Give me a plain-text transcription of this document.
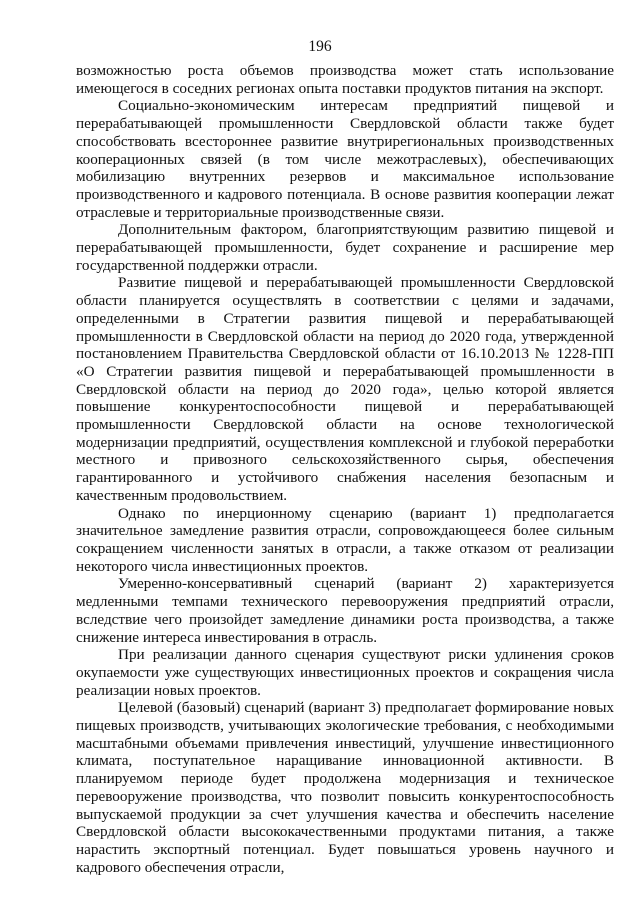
196

возможностью роста объемов производства может стать использование имеющегося в соседних регионах опыта поставки продуктов питания на экспорт.

Социально-экономическим интересам предприятий пищевой и перерабатывающей промышленности Свердловской области также будет способствовать всестороннее развитие внутрирегиональных производственных кооперационных связей (в том числе межотраслевых), обеспечивающих мобилизацию внутренних резервов и максимальное использование производственного и кадрового потенциала. В основе развития кооперации лежат отраслевые и территориальные производственные связи.

Дополнительным фактором, благоприятствующим развитию пищевой и перерабатывающей промышленности, будет сохранение и расширение мер государственной поддержки отрасли.

Развитие пищевой и перерабатывающей промышленности Свердловской области планируется осуществлять в соответствии с целями и задачами, определенными в Стратегии развития пищевой и перерабатывающей промышленности в Свердловской области на период до 2020 года, утвержденной постановлением Правительства Свердловской области от 16.10.2013 № 1228-ПП «О Стратегии развития пищевой и перерабатывающей промышленности в Свердловской области на период до 2020 года», целью которой является повышение конкурентоспособности пищевой и перерабатывающей промышленности Свердловской области на основе технологической модернизации предприятий, осуществления комплексной и глубокой переработки местного и привозного сельскохозяйственного сырья, обеспечения гарантированного и устойчивого снабжения населения безопасным и качественным продовольствием.

Однако по инерционному сценарию (вариант 1) предполагается значительное замедление развития отрасли, сопровождающееся более сильным сокращением численности занятых в отрасли, а также отказом от реализации некоторого числа инвестиционных проектов.

Умеренно-консервативный сценарий (вариант 2) характеризуется медленными темпами технического перевооружения предприятий отрасли, вследствие чего произойдет замедление динамики роста производства, а также снижение интереса инвестирования в отрасль.

При реализации данного сценария существуют риски удлинения сроков окупаемости уже существующих инвестиционных проектов и сокращения числа реализации новых проектов.

Целевой (базовый) сценарий (вариант 3) предполагает формирование новых пищевых производств, учитывающих экологические требования, с необходимыми масштабными объемами привлечения инвестиций, улучшение инвестиционного климата, поступательное наращивание инновационной активности. В планируемом периоде будет продолжена модернизация и техническое перевооружение производства, что позволит повысить конкурентоспособность выпускаемой продукции за счет улучшения качества и обеспечить население Свердловской области высококачественными продуктами питания, а также нарастить экспортный потенциал. Будет повышаться уровень научного и кадрового обеспечения отрасли,
